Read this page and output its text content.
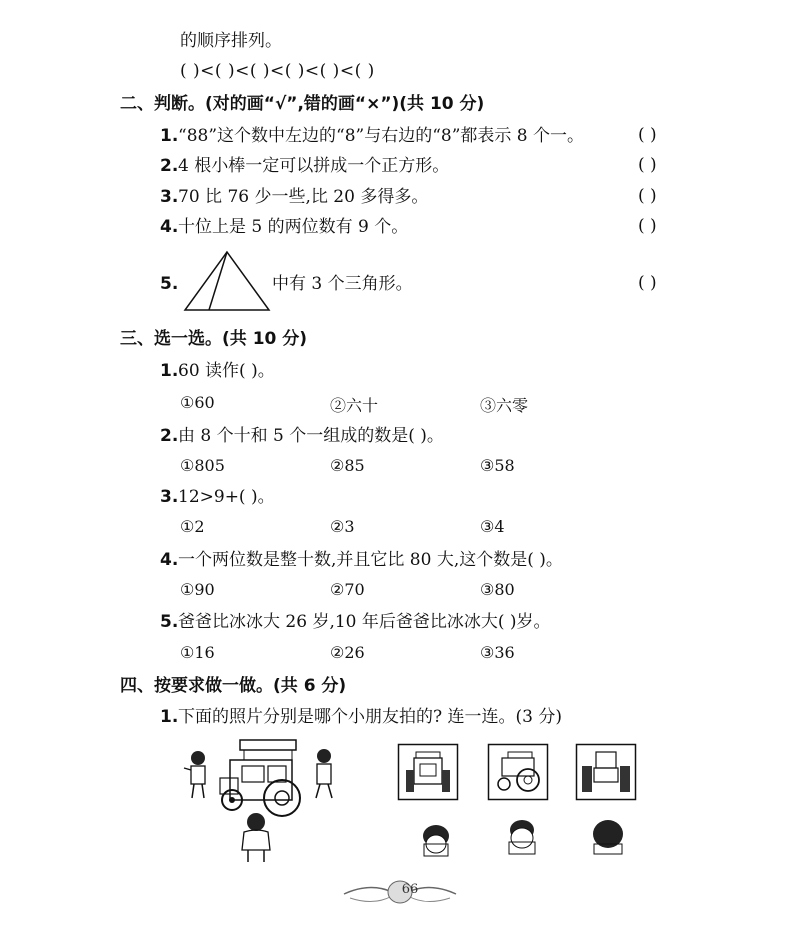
的顺序排列。
( )<( )<( )<( )<( )<( )
二、判断。(对的画“√”,错的画“×”)(共 10 分)
1. “88”这个数中左边的“8”与右边的“8”都表示 8 个一。	( )
2. 4 根小棒一定可以拼成一个正方形。	( )
3. 70 比 76 少一些,比 20 多得多。	( )
4. 十位上是 5 的两位数有 9 个。	( )
5.	中有 3 个三角形。	( )
三、选一选。(共 10 分)
1. 60 读作( )。
①60	②六十	③六零
2. 由 8 个十和 5 个一组成的数是( )。
①805	②85	③58
3. 12>9+( )。
①2	②3	③4
4. 一个两位数是整十数,并且它比 80 大,这个数是( )。
①90	②70	③80
5. 爸爸比冰冰大 26 岁,10 年后爸爸比冰冰大( )岁。
①16	②26	③36
四、按要求做一做。(共 6 分)
1. 下面的照片分别是哪个小朋友拍的? 连一连。(3 分)
66
